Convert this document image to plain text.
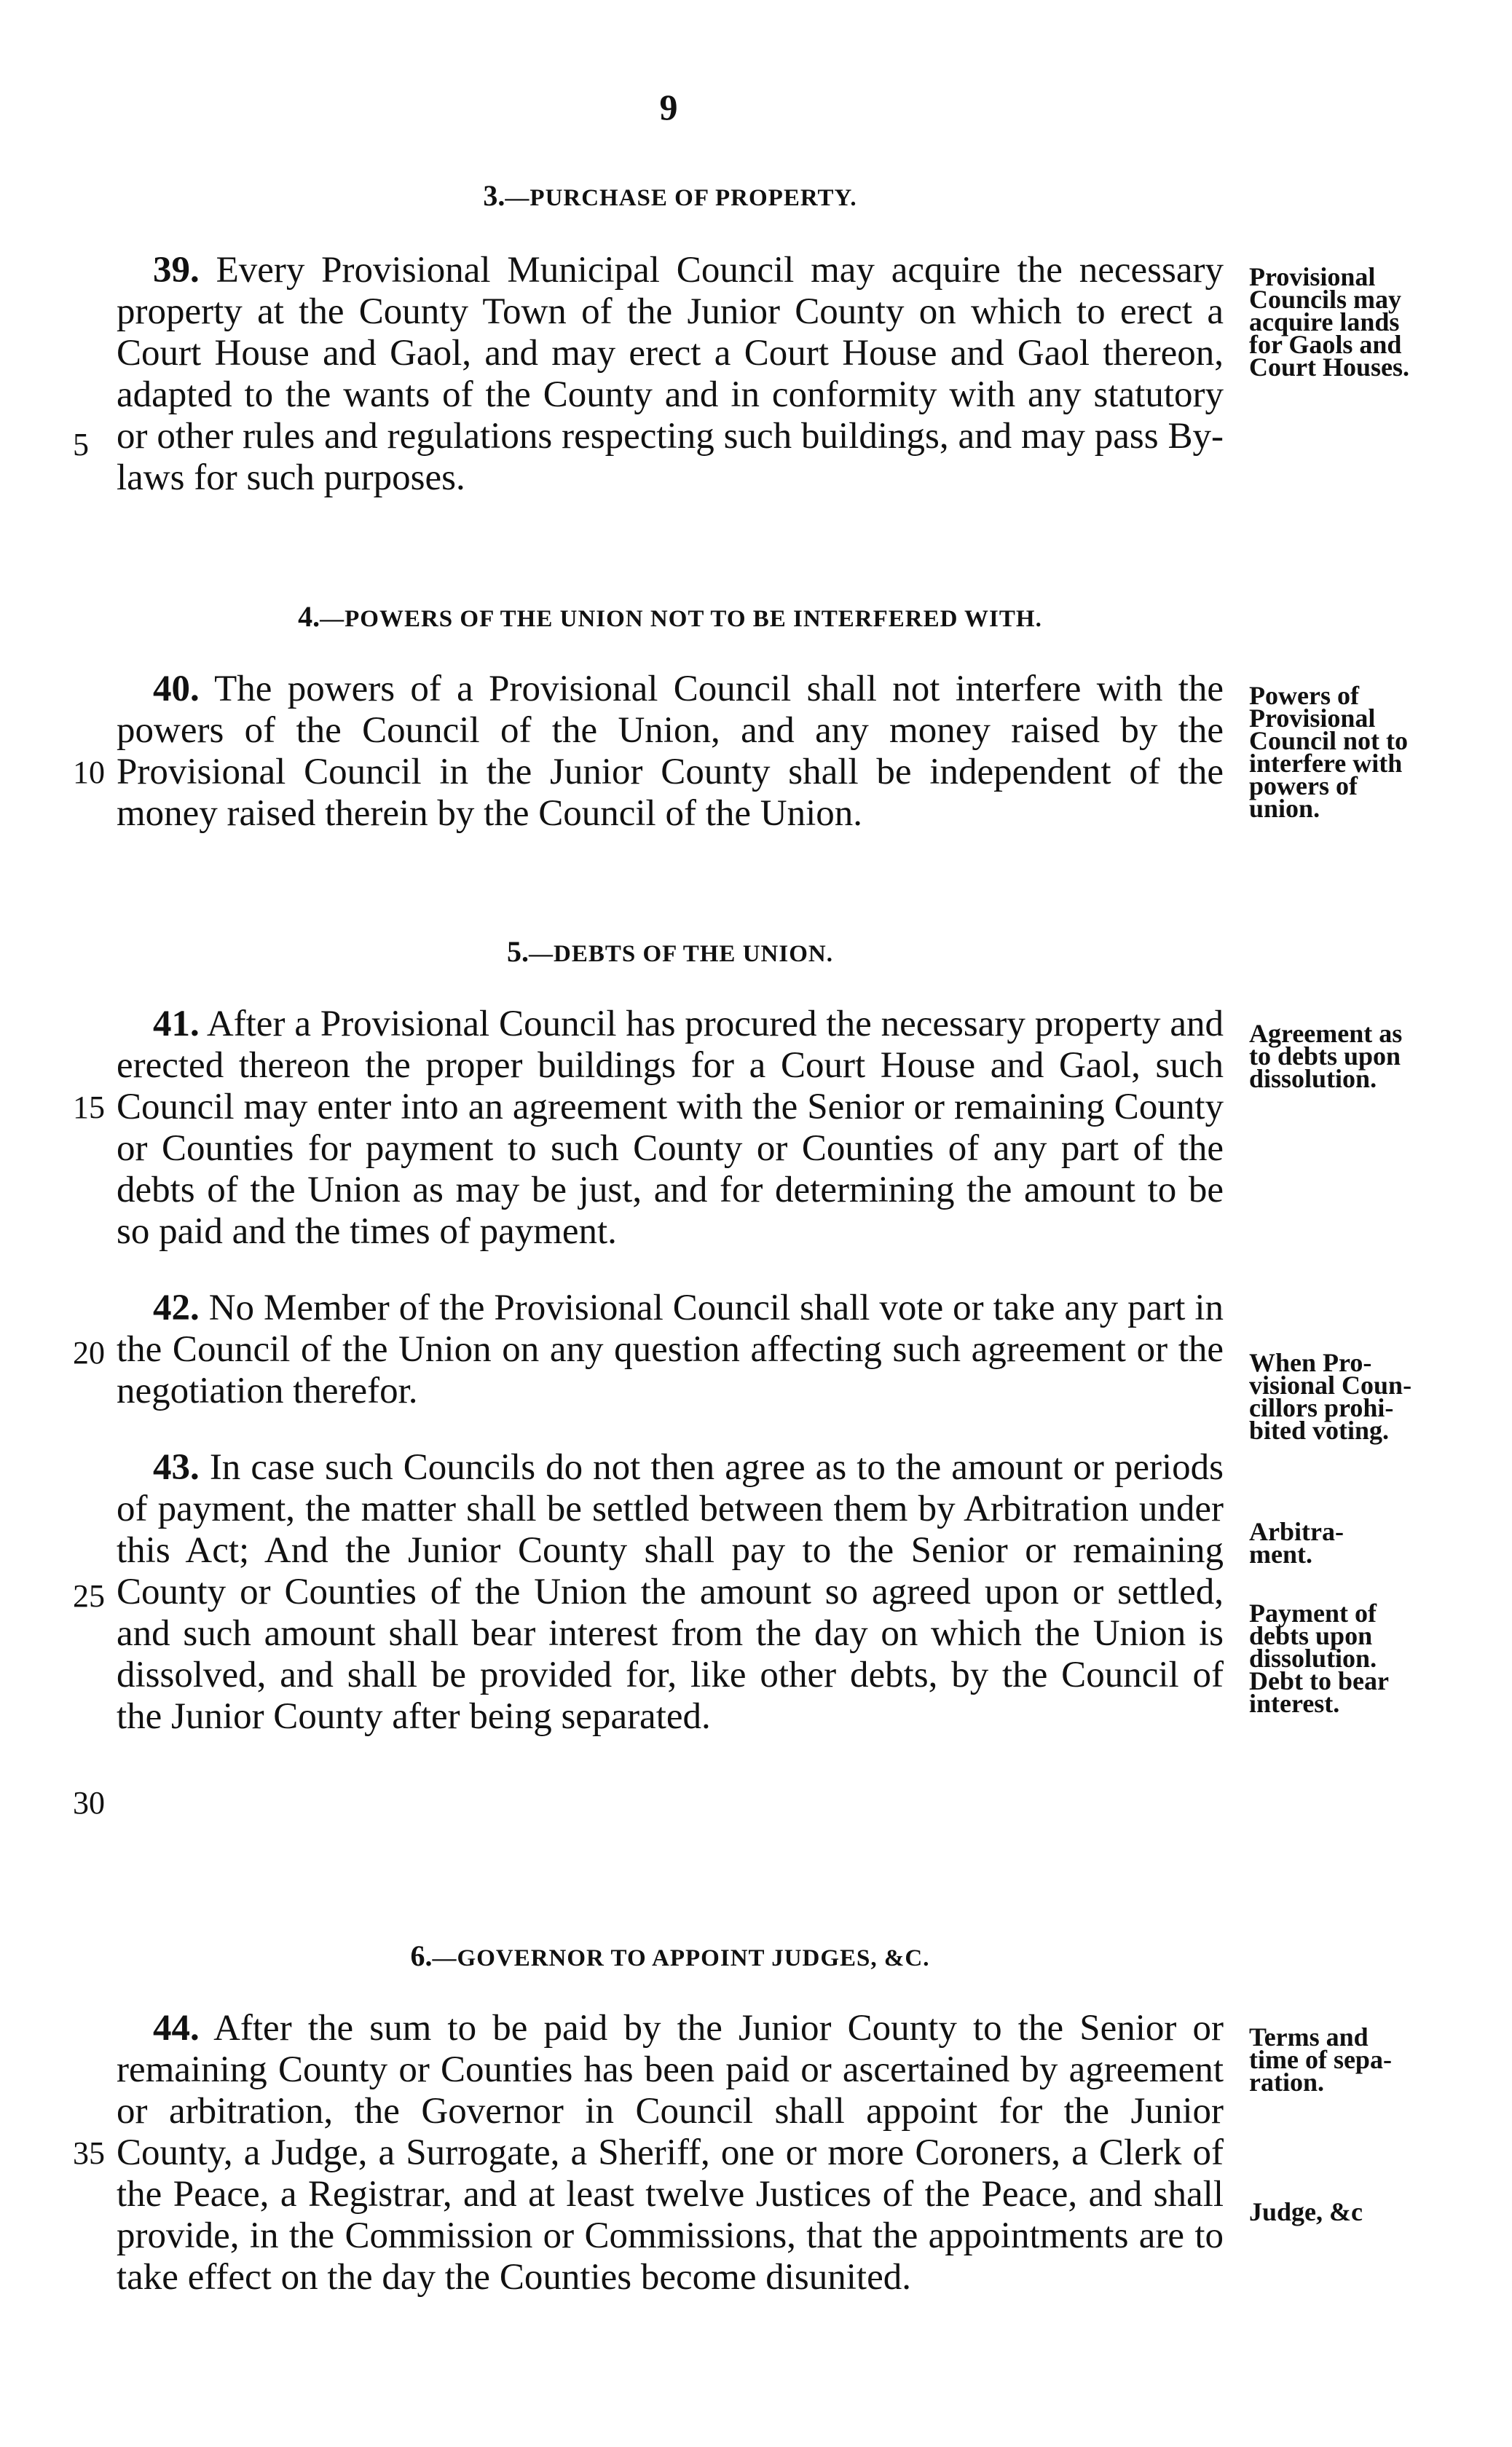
9
3.—PURCHASE OF PROPERTY.

39. Every Provisional Municipal Council may acquire the necessary property at the County Town of the Junior County on which to erect a Court House and Gaol, and may erect a Court House and Gaol thereon, adapted to the wants of the County and in conformity with any statutory or other rules and regulations respecting such buildings, and may pass By-laws for such purposes.

4.—POWERS OF THE UNION NOT TO BE INTERFERED WITH.

40. The powers of a Provisional Council shall not interfere with the powers of the Council of the Union, and any money raised by the Provisional Council in the Junior County shall be independent of the money raised therein by the Council of the Union.

5.—DEBTS OF THE UNION.

41. After a Provisional Council has procured the necessary property and erected thereon the proper buildings for a Court House and Gaol, such Council may enter into an agreement with the Senior or remaining County or Counties for payment to such County or Counties of any part of the debts of the Union as may be just, and for determining the amount to be so paid and the times of payment.

42. No Member of the Provisional Council shall vote or take any part in the Council of the Union on any question affecting such agreement or the negotiation therefor.

43. In case such Councils do not then agree as to the amount or periods of payment, the matter shall be settled between them by Arbitration under this Act; And the Junior County shall pay to the Senior or remaining County or Counties of the Union the amount so agreed upon or settled, and such amount shall bear interest from the day on which the Union is dissolved, and shall be provided for, like other debts, by the Council of the Junior County after being separated.

6.—GOVERNOR TO APPOINT JUDGES, &C.

44. After the sum to be paid by the Junior County to the Senior or remaining County or Counties has been paid or ascertained by agreement or arbitration, the Governor in Council shall appoint for the Junior County, a Judge, a Surrogate, a Sheriff, one or more Coroners, a Clerk of the Peace, a Registrar, and at least twelve Justices of the Peace, and shall provide, in the Commission or Commissions, that the appointments are to take effect on the day the Counties become disunited.

5
10
15
20
25
30
35
Provisional
Councils may
acquire lands
for Gaols and
Court Houses.
Powers of
Provisional
Council not to
interfere with
powers of
union.
Agreement as
to debts upon
dissolution.
When Pro-
visional Coun-
cillors prohi-
bited voting.
Arbitra-
ment.
Payment of
debts upon
dissolution.
Debt to bear
interest.
Terms and
time of sepa-
ration.
Judge, &c
